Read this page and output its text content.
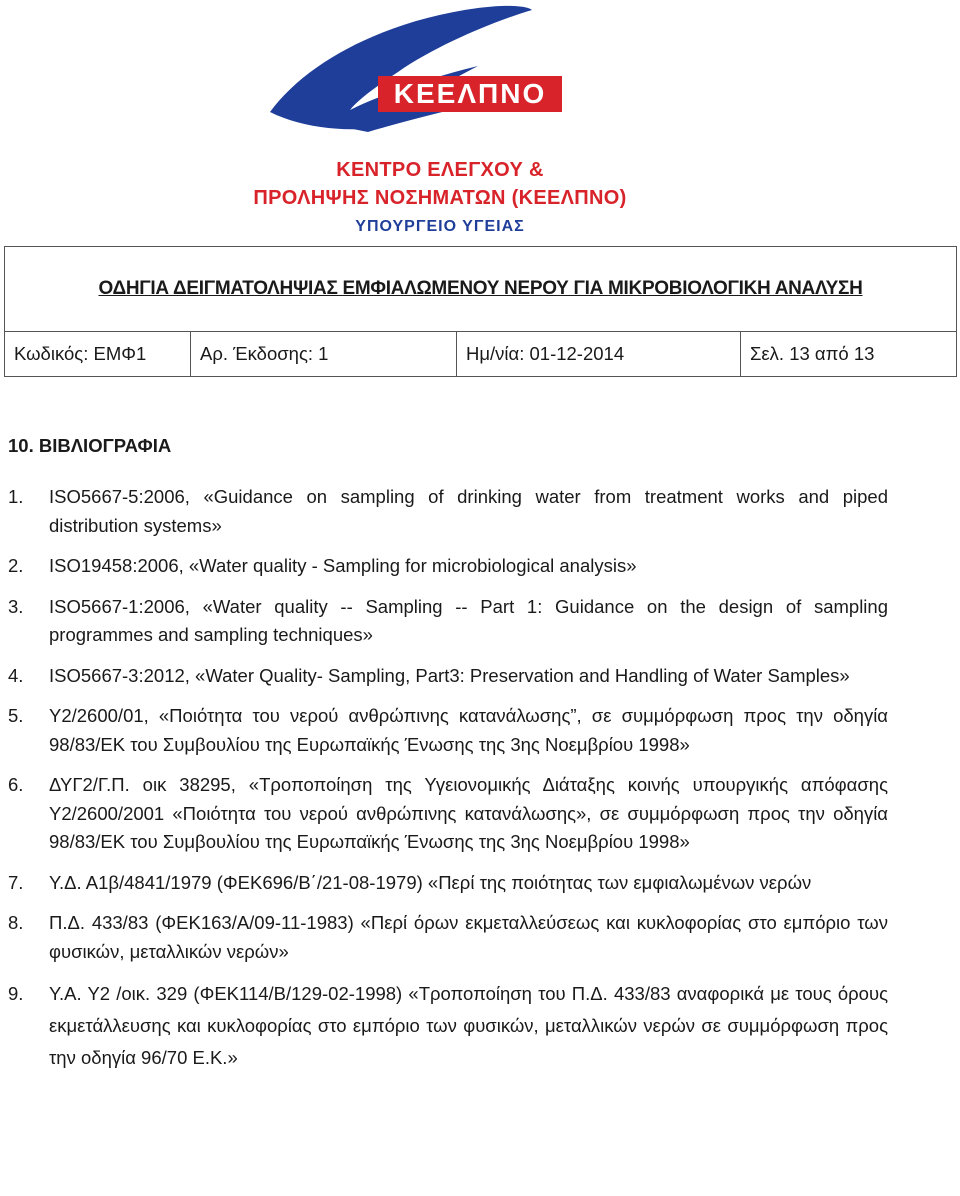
ΚΕΕΛΠΝΟ
ΚΕΝΤΡΟ ΕΛΕΓΧΟΥ &
ΠΡΟΛΗΨΗΣ ΝΟΣΗΜΑΤΩΝ (ΚΕΕΛΠΝΟ)
ΥΠΟΥΡΓΕΙΟ ΥΓΕΙΑΣ
ΟΔΗΓΙΑ ΔΕΙΓΜΑΤΟΛΗΨΙΑΣ ΕΜΦΙΑΛΩΜΕΝΟΥ ΝΕΡΟΥ ΓΙΑ ΜΙΚΡΟΒΙΟΛΟΓΙΚΗ ΑΝΑΛΥΣΗ
Κωδικός: ΕΜΦ1	Αρ. Έκδοσης: 1	Ημ/νία: 01-12-2014	Σελ. 13 από 13
10. ΒΙΒΛΙΟΓΡΑΦΙΑ
1. ISO5667-5:2006, «Guidance on sampling of drinking water from treatment works and piped distribution systems»
2. ISO19458:2006, «Water quality - Sampling for microbiological analysis»
3. ISO5667-1:2006, «Water quality -- Sampling -- Part 1: Guidance on the design of sampling programmes and sampling techniques»
4. ISO5667-3:2012, «Water Quality- Sampling, Part3: Preservation and Handling of Water Samples»
5. Υ2/2600/01, «Ποιότητα του νερού ανθρώπινης κατανάλωσης”, σε συμμόρφωση προς την οδηγία 98/83/ΕΚ του Συμβουλίου της Ευρωπαϊκής Ένωσης της 3ης Νοεμβρίου 1998»
6. ΔΥΓ2/Γ.Π. οικ 38295, «Τροποποίηση της Υγειονομικής Διάταξης κοινής υπουργικής απόφασης Υ2/2600/2001 «Ποιότητα του νερού ανθρώπινης κατανάλωσης», σε συμμόρφωση προς την οδηγία 98/83/ΕΚ του Συμβουλίου της Ευρωπαϊκής Ένωσης της 3ης Νοεμβρίου 1998»
7. Υ.Δ. Α1β/4841/1979 (ΦΕΚ696/Β΄/21-08-1979) «Περί της ποιότητας των εμφιαλωμένων νερών
8. Π.Δ. 433/83 (ΦΕΚ163/Α/09-11-1983) «Περί όρων εκμεταλλεύσεως και κυκλοφορίας στο εμπόριο των φυσικών, μεταλλικών νερών»
9. Υ.Α. Υ2 /οικ. 329 (ΦΕΚ114/Β/129-02-1998) «Τροποποίηση του Π.Δ. 433/83 αναφορικά με τους όρους εκμετάλλευσης και κυκλοφορίας στο εμπόριο των φυσικών, μεταλλικών νερών σε συμμόρφωση προς την οδηγία 96/70 Ε.Κ.»
